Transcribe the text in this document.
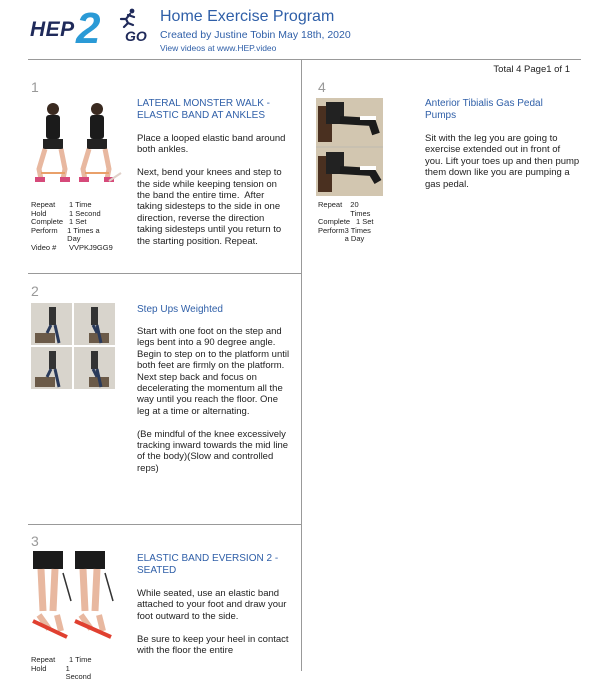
HEP 2 GO
Home Exercise Program
Created by Justine Tobin May 18th, 2020
View videos at www.HEP.video
Total 4 Page1 of 1
1
Repeat	1 Time
Hold	1 Second
Complete 1 Set
Perform	1 Times a Day
Video #	VVPKJ9GG9
LATERAL MONSTER WALK - ELASTIC BAND AT ANKLES
Place a looped elastic band around both ankles.

Next, bend your knees and step to the side while keeping tension on the band the entire time.  After taking sidesteps to the side in one direction, reverse the direction taking sidesteps until you return to the starting position. Repeat.
2
Step Ups Weighted
Start with one foot on the step and legs bent into a 90 degree angle. Begin to step on to the platform until both feet are firmly on the platform. Next step back and focus on decelerating the momentum all the way until you reach the floor. One leg at a time or alternating.

(Be mindful of the knee excessively tracking inward towards the mid line of the body)(Slow and controlled reps)
3
Repeat	1 Time
Hold	1 Second
ELASTIC BAND EVERSION 2 - SEATED
While seated, use an elastic band attached to your foot and draw your foot outward to the side.

Be sure to keep your heel in contact with the floor the entire
4
Repeat	20 Times
Complete 1 Set
Perform 3 Times a Day
Anterior Tibialis Gas Pedal Pumps
Sit with the leg you are going to exercise extended out in front of you. Lift your toes up and then pump them down like you are pumping a gas pedal.
